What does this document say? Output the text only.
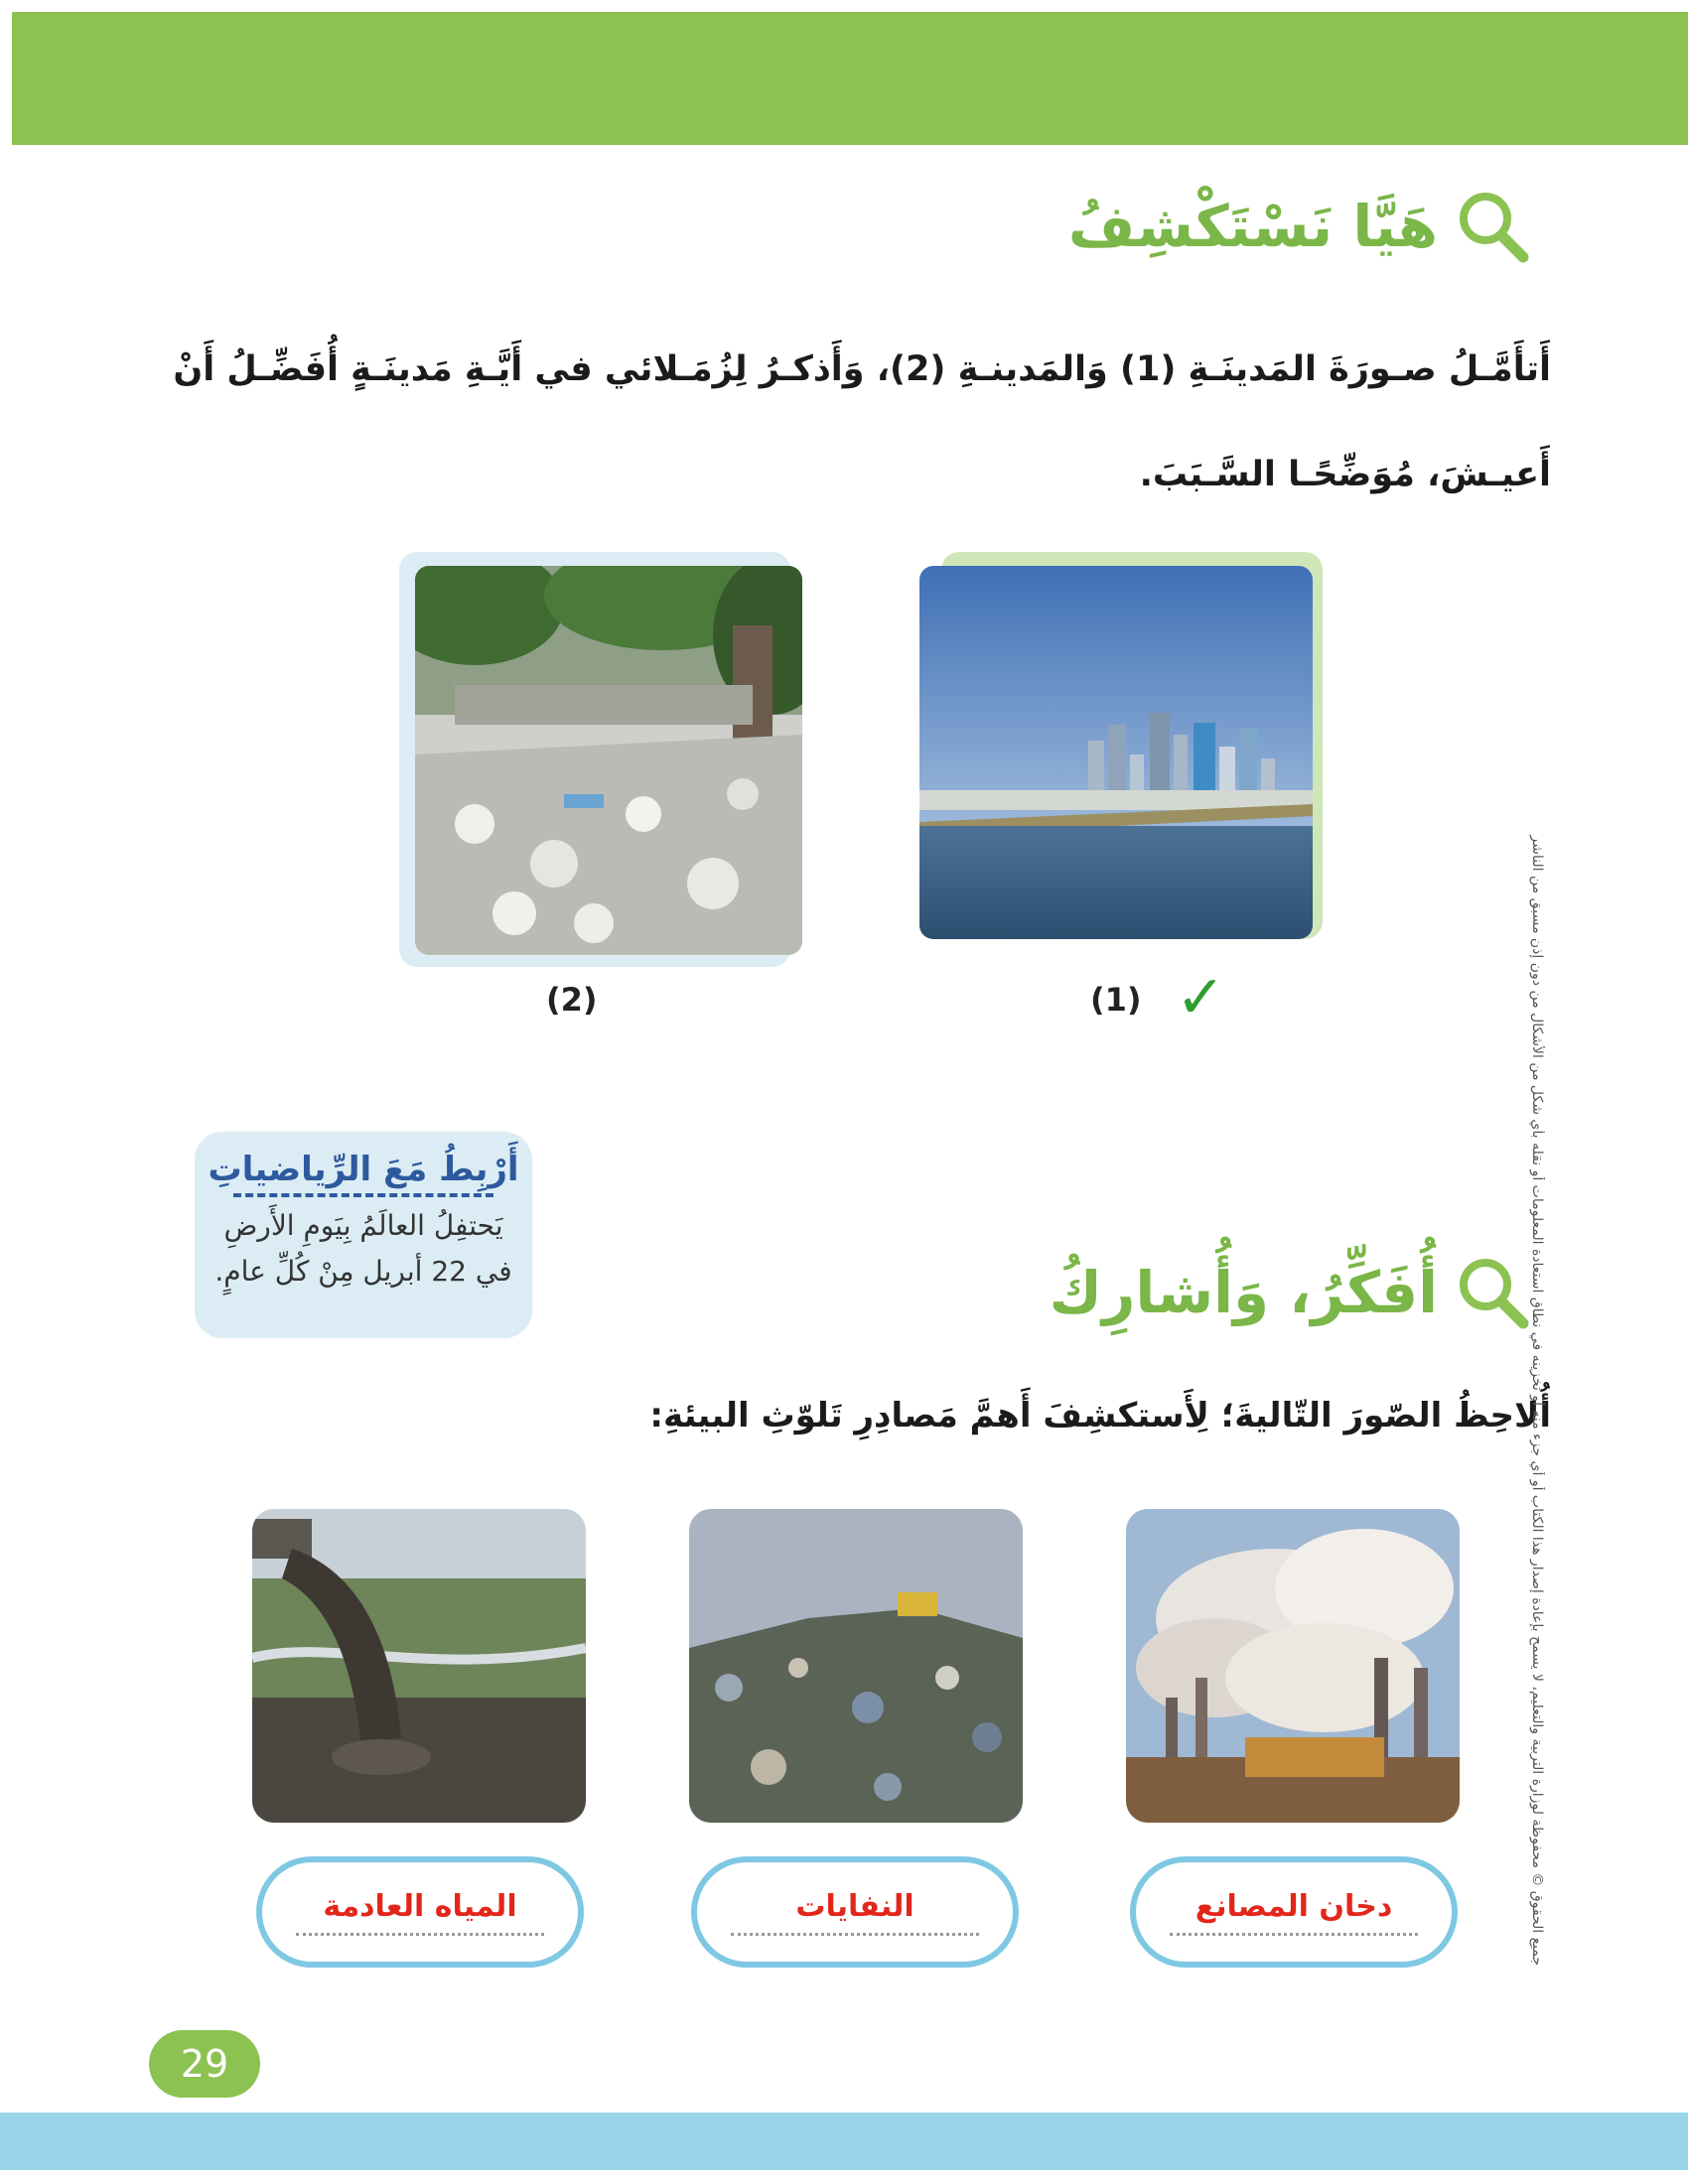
هَيَّا نَسْتَكْشِفُ
أَتأَمَّـلُ صـورَةَ المَدينَـةِ (1) وَالمَدينـةِ (2)، وَأَذكـرُ لِزُمَـلائي في أَيَّـةِ مَدينَـةٍ أُفَضِّـلُ أَنْ
أَعيـشَ، مُوَضِّحًـا السَّـبَبَ.
(1) ✓
(2)
أَرْبِطُ مَعَ الرِّياضياتِ
يَحتفِلُ العالَمُ بِيَومِ الأَرضِ
في 22 أبريل مِنْ كُلِّ عامٍ.	أُفَكِّرُ، وَأُشارِكُ
أُلاحِظُ الصّورَ التّاليةَ؛ لِأَستكشِفَ أَهمَّ مَصادِرِ تَلوّثِ البيئةِ:
دخان المصانع
النفايات
المياه العادمة	جميع الحقوق © محفوظة لوزارة التربية والتعليم، لا يسمح بإعادة إصدار هذا الكتاب أو أي جزء منه أو تخزينه في نطاق استعادة المعلومات أو نقله بأي شكل من الأشكال من دون إذن مسبق من الناشر
29
